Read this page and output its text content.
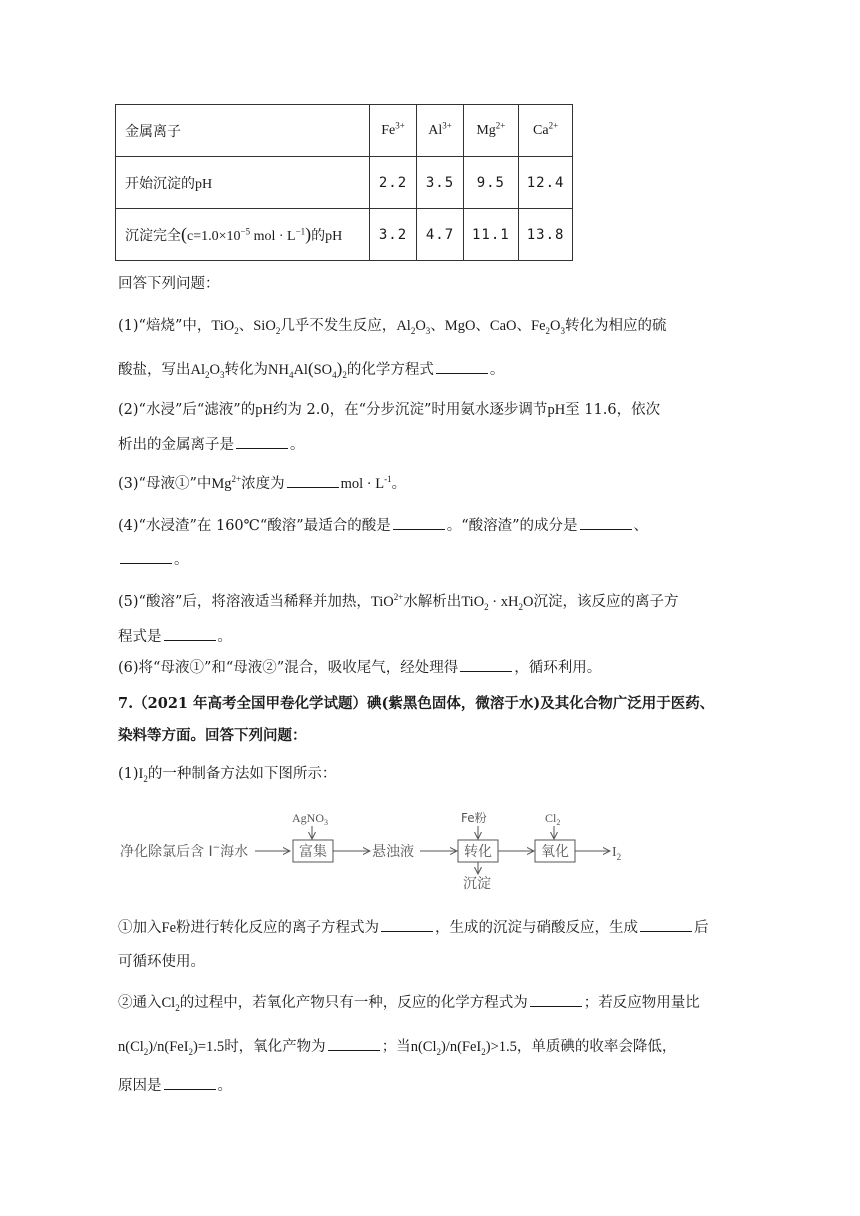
金属离子	$Fe^{3+}$	$Al^{3+}$	$Mg^{2+}$	$Ca^{2+}$
开始沉淀的pH	2.2	3.5	9.5	12.4
沉淀完全($c=1.0\times 10^{-5}$ mol · $L^{-1}$)的pH	3.2	4.7	11.1	13.8
回答下列问题：
(1)“焙烧”中，TiO$_2$、SiO$_2$几乎不发生反应，$Al_2O_3$、MgO、CaO、$Fe_2O_3$转化为相应的硫
酸盐，写出$Al_2O_3$转化为$NH_4Al(SO_4)_2$的化学方程式	。
(2)“水浸”后“滤液”的pH约为 2.0，在“分步沉淀”时用氨水逐步调节pH至 11.6，依次
析出的金属离子是	。
(3)“母液①”中$Mg^{2+}$浓度为	mol · $L^{-1}$。
(4)“水浸渣”在 160℃“酸溶”最适合的酸是	。“酸溶渣”的成分是	、
。
(5)“酸溶”后，将溶液适当稀释并加热，TiO$^{2+}$水解析出$TiO_2 \cdot xH_2O$沉淀，该反应的离子方
程式是	。
(6)将“母液①”和“母液②”混合，吸收尾气，经处理得	，循环利用。
7.（2021 年高考全国甲卷化学试题）碘(紫黑色固体，微溶于水)及其化合物广泛用于医药、
染料等方面。回答下列问题：
$(1)I_2$的一种制备方法如下图所示：
净化除氯后含 I−海水
AgNO$_3$
富集	悬浊液
Fe粉
转化
沉淀
$Cl_2$
氧化	$I_2$
①加入Fe粉进行转化反应的离子方程式为	，生成的沉淀与硝酸反应，生成	后
可循环使用。
②通入$Cl_2$的过程中，若氧化产物只有一种，反应的化学方程式为	；若反应物用量比
$n(Cl_2)/n(FeI_2)=1.5$时，氧化产物为	；当$n(Cl_2)/n(FeI_2)>1.5$，单质碘的收率会降低，
原因是	。
